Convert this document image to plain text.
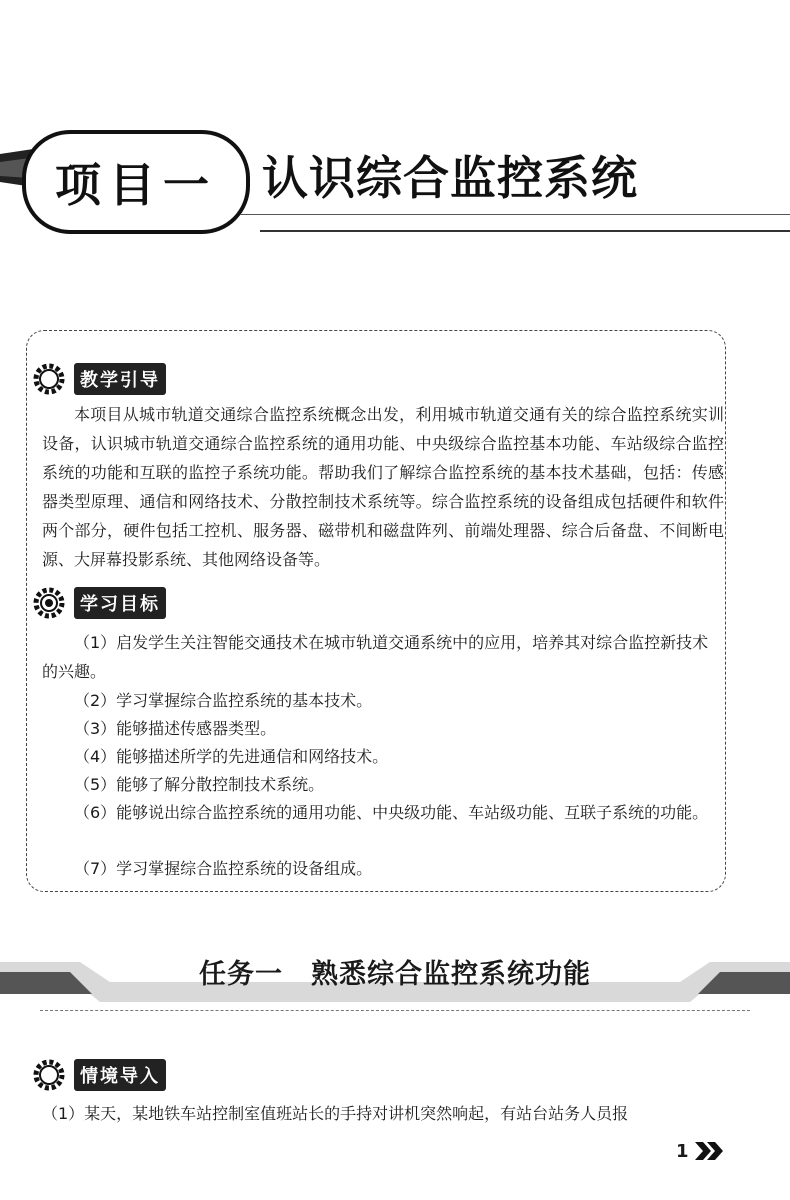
项目一 认识综合监控系统
教学引导

本项目从城市轨道交通综合监控系统概念出发，利用城市轨道交通有关的综合监控系统实训设备，认识城市轨道交通综合监控系统的通用功能、中央级综合监控基本功能、车站级综合监控系统的功能和互联的监控子系统功能。帮助我们了解综合监控系统的基本技术基础，包括：传感器类型原理、通信和网络技术、分散控制技术系统等。综合监控系统的设备组成包括硬件和软件两个部分，硬件包括工控机、服务器、磁带机和磁盘阵列、前端处理器、综合后备盘、不间断电源、大屏幕投影系统、其他网络设备等。

学习目标

（1）启发学生关注智能交通技术在城市轨道交通系统中的应用，培养其对综合监控新技术的兴趣。

（2）学习掌握综合监控系统的基本技术。

（3）能够描述传感器类型。

（4）能够描述所学的先进通信和网络技术。

（5）能够了解分散控制技术系统。

（6）能够说出综合监控系统的通用功能、中央级功能、车站级功能、互联子系统的功能。

（7）学习掌握综合监控系统的设备组成。

任务一　熟悉综合监控系统功能
情境导入

（1）某天，某地铁车站控制室值班站长的手持对讲机突然响起，有站台站务人员报

1
